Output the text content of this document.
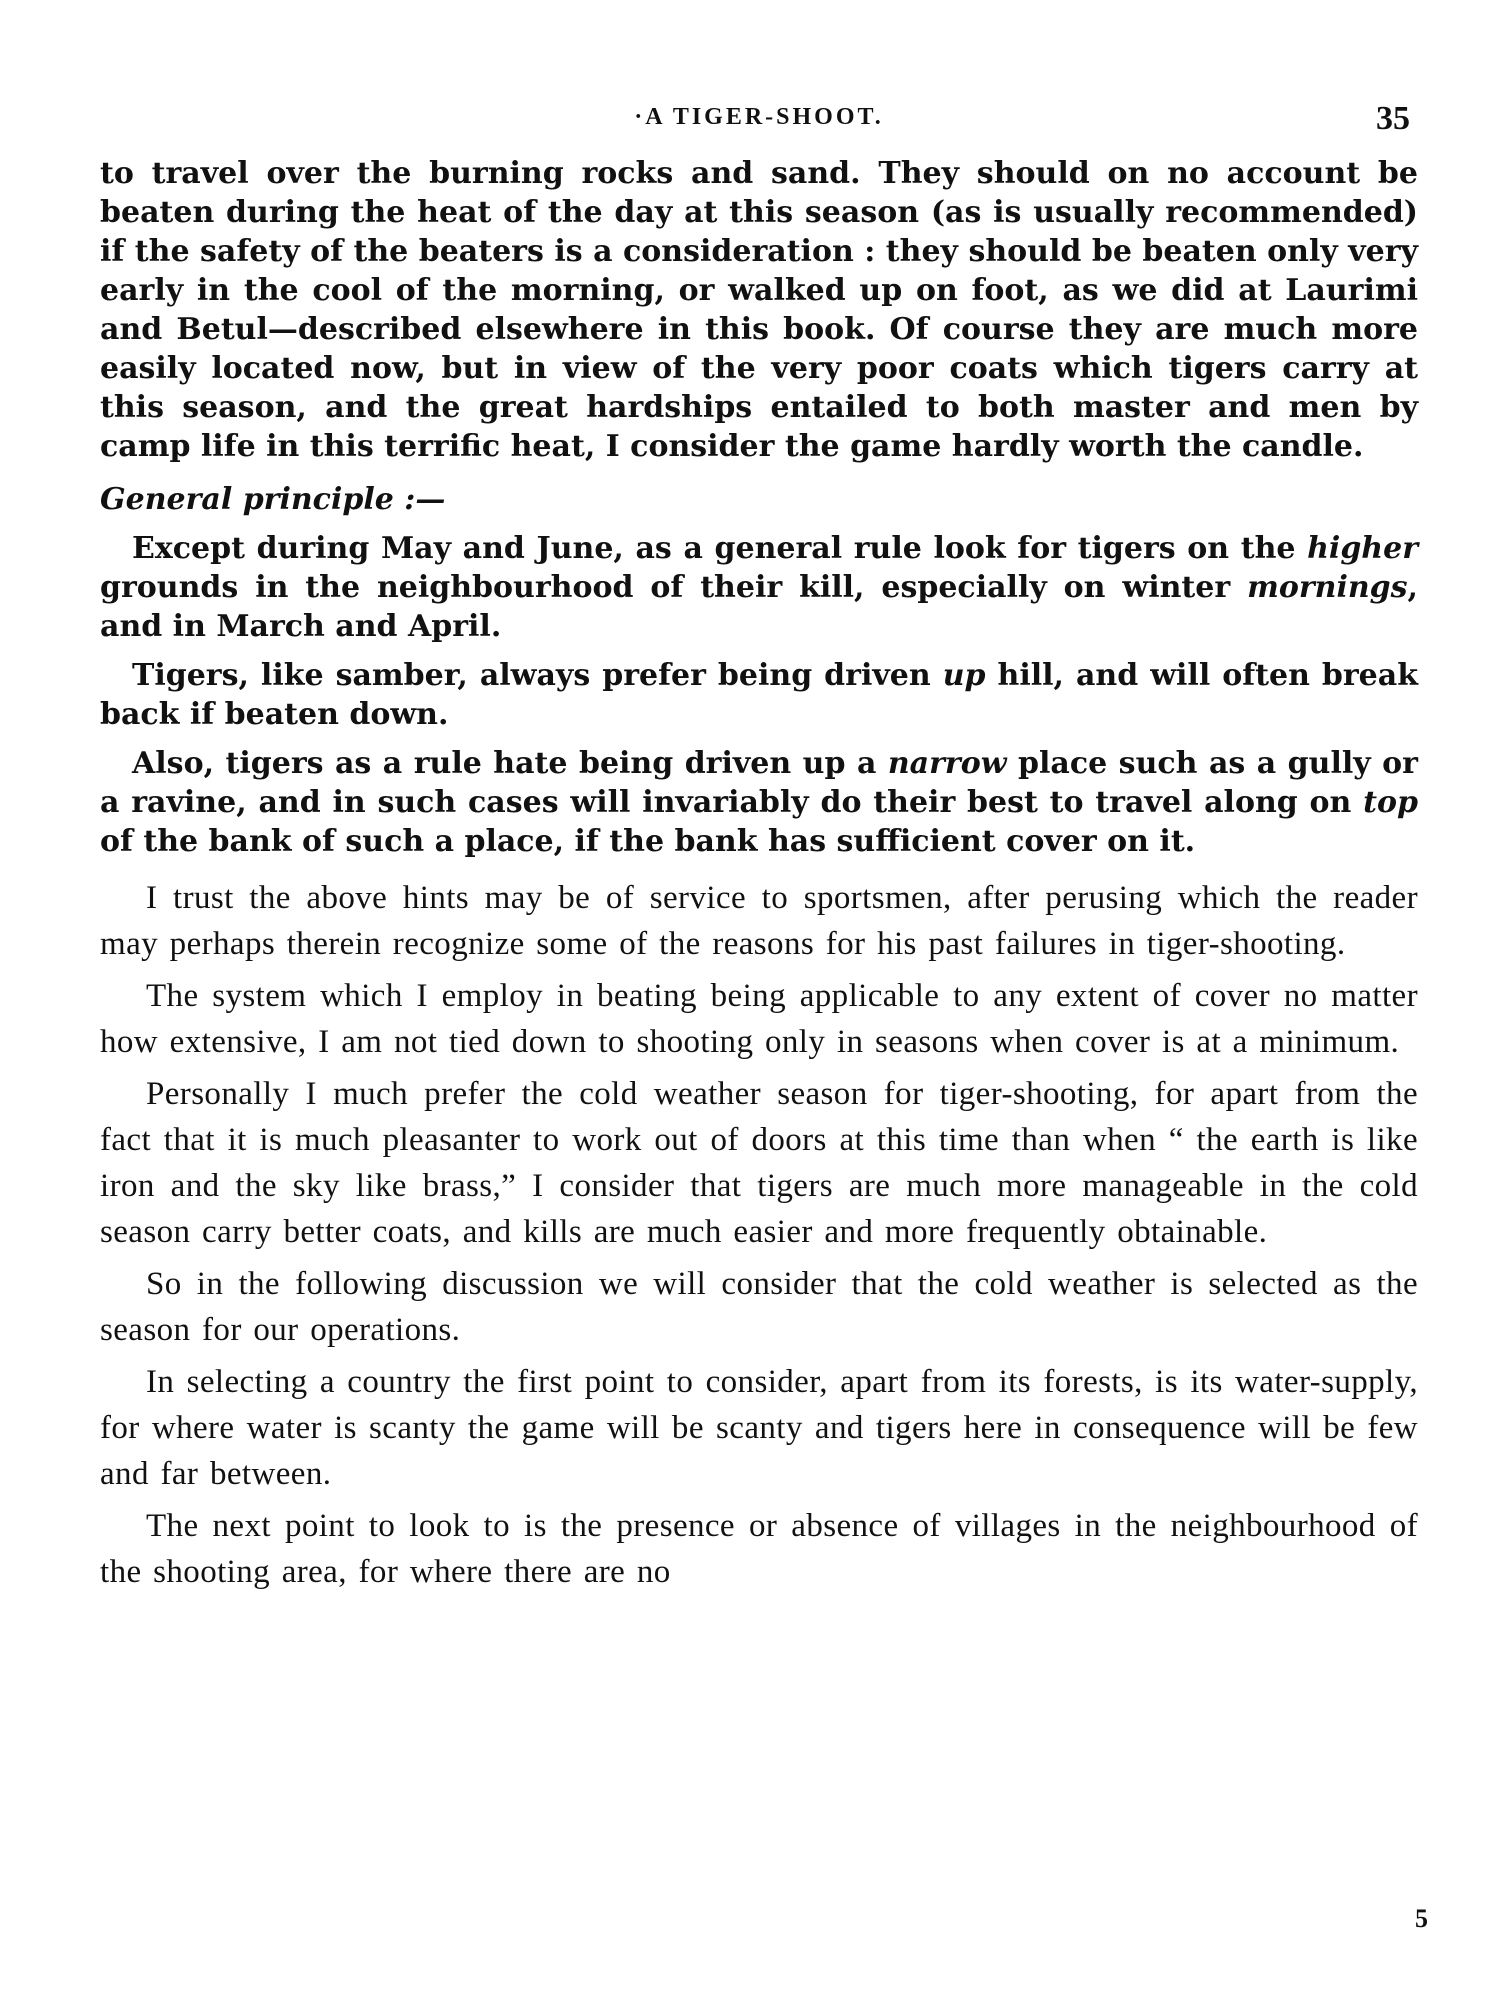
·A TIGER-SHOOT.	35

to travel over the burning rocks and sand. They should on no account be beaten during the heat of the day at this season (as is usually recommended) if the safety of the beaters is a consideration : they should be beaten only very early in the cool of the morning, or walked up on foot, as we did at Laurimi and Betul—described elsewhere in this book. Of course they are much more easily located now, but in view of the very poor coats which tigers carry at this season, and the great hardships entailed to both master and men by camp life in this terrific heat, I consider the game hardly worth the candle.

General principle :—

Except during May and June, as a general rule look for tigers on the higher grounds in the neighbourhood of their kill, especially on winter mornings, and in March and April.

Tigers, like samber, always prefer being driven up hill, and will often break back if beaten down.

Also, tigers as a rule hate being driven up a narrow place such as a gully or a ravine, and in such cases will invariably do their best to travel along on top of the bank of such a place, if the bank has sufficient cover on it.

I trust the above hints may be of service to sportsmen, after perusing which the reader may perhaps therein recognize some of the reasons for his past failures in tiger-shooting.

The system which I employ in beating being applicable to any extent of cover no matter how extensive, I am not tied down to shooting only in seasons when cover is at a minimum.

Personally I much prefer the cold weather season for tiger-shooting, for apart from the fact that it is much pleasanter to work out of doors at this time than when “ the earth is like iron and the sky like brass,” I consider that tigers are much more manageable in the cold season carry better coats, and kills are much easier and more frequently obtainable.

So in the following discussion we will consider that the cold weather is selected as the season for our operations.

In selecting a country the first point to consider, apart from its forests, is its water-supply, for where water is scanty the game will be scanty and tigers here in consequence will be few and far between.

The next point to look to is the presence or absence of villages in the neighbourhood of the shooting area, for where there are no

5
